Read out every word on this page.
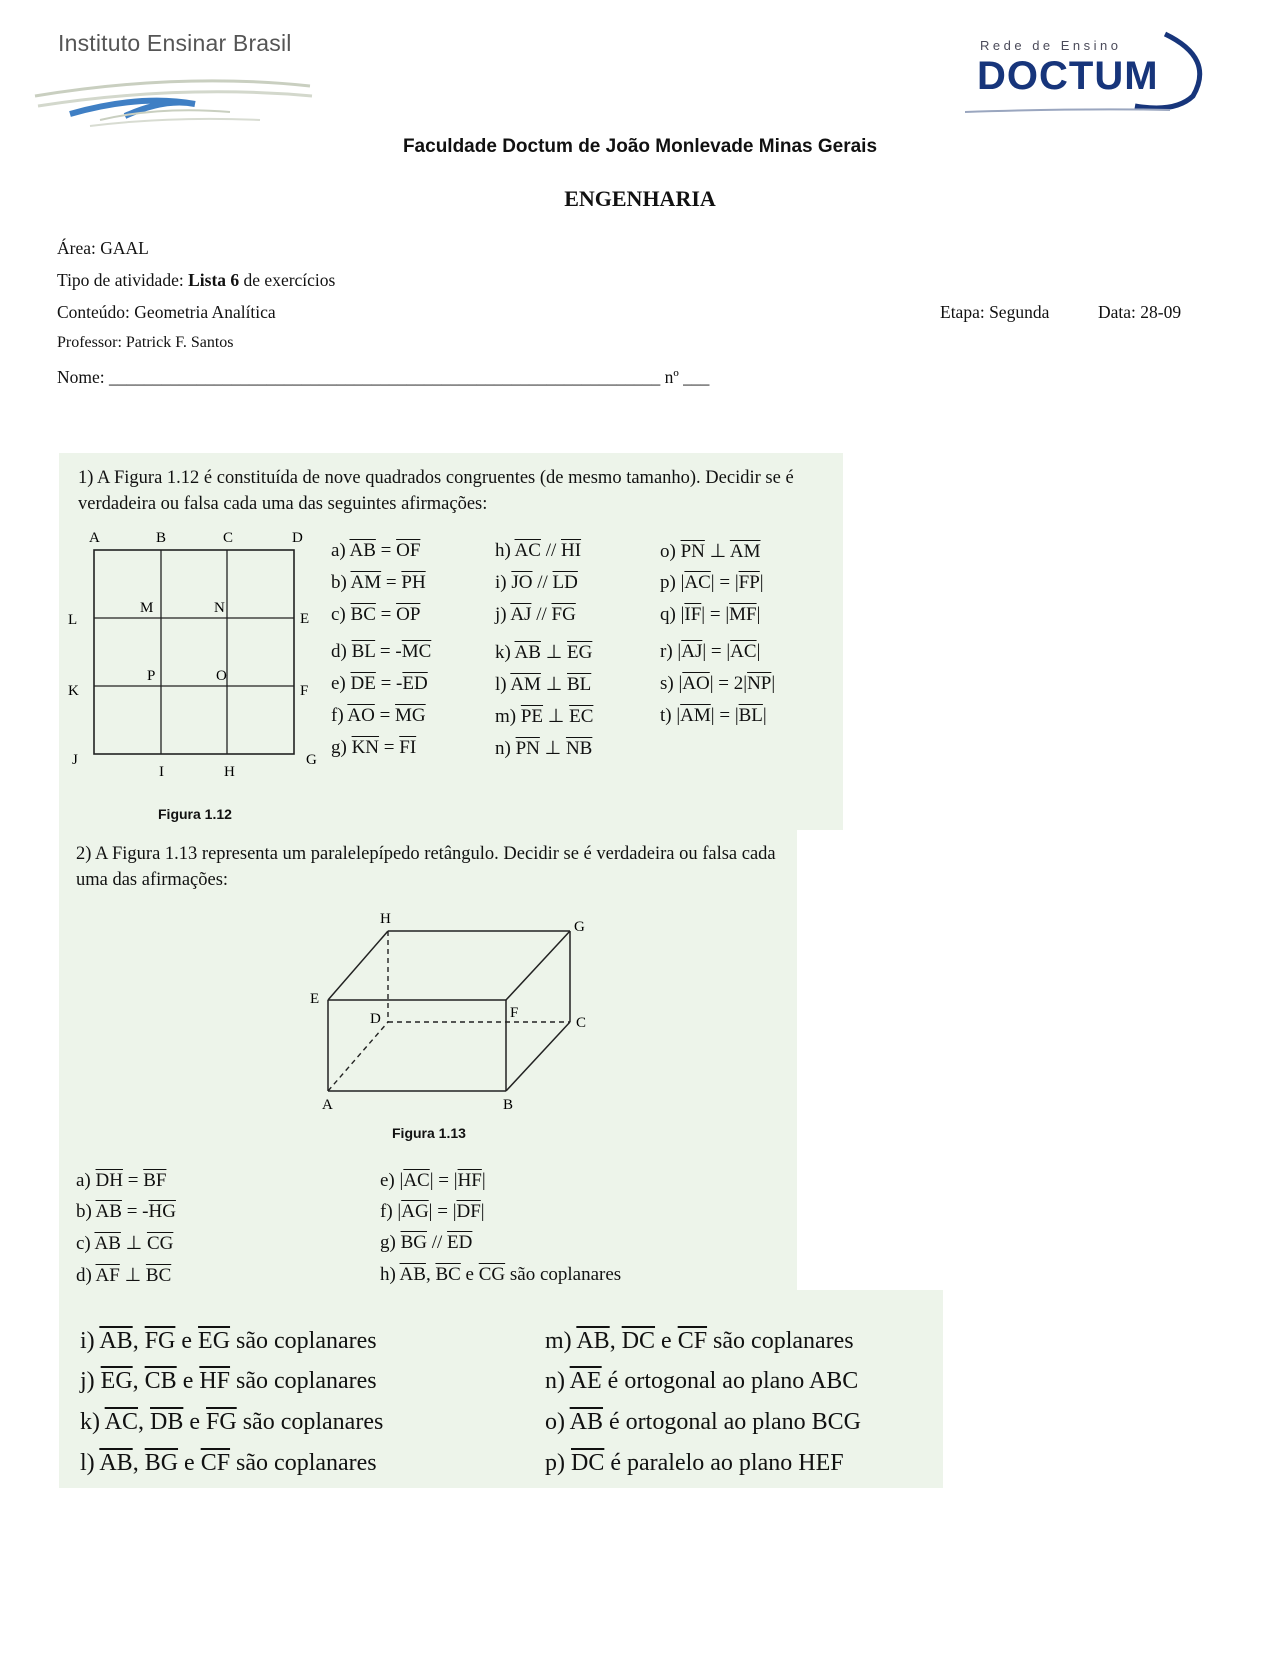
Instituto Ensinar Brasil	Rede de Ensino
DOCTUM
Faculdade Doctum de João Monlevade Minas Gerais
ENGENHARIA
Área: GAAL
Tipo de atividade: Lista 6 de exercícios
Conteúdo: Geometria Analítica	Etapa: Segunda	Data: 28-09
Professor: Patrick F. Santos
Nome: _______________________________________________________________ nº ___
1) A Figura 1.12 é constituída de nove quadrados congruentes (de mesmo tamanho). Decidir se é verdadeira ou falsa cada uma das seguintes afirmações:
A	B	C	D
E
F
G
H
I
J
K
L
M	N
O
P
Figura 1.12
a) $\overline{AB} = \overline{OF}$
b) $\overline{AM} = \overline{PH}$
c) $\overline{BC} = \overline{OP}$
d) $\overline{BL} = -\overline{MC}$
e) $\overline{DE} = -\overline{ED}$
f) $\overline{AO} = \overline{MG}$
g) $\overline{KN} = \overline{FI}$
h) $\overline{AC} // \overline{HI}$
i) $\overline{JO} // \overline{LD}$
j) $\overline{AJ} // \overline{FG}$
k) $\overline{AB}$ ⊥ $\overline{EG}$
l) $\overline{AM}$ ⊥ $\overline{BL}$
m) $\overline{PE}$ ⊥ $\overline{EC}$
n) $\overline{PN}$ ⊥ $\overline{NB}$
o) $\overline{PN}$ ⊥ $\overline{AM}$
p) $|\overline{AC}| = |\overline{FP}|$
q) $|\overline{IF}| = |\overline{MF}|$
r) $|\overline{AJ}| = |\overline{AC}|$
s) $|\overline{AO}| = 2|\overline{NP}|$
t) $|\overline{AM}| = |\overline{BL}|$
2) A Figura 1.13 representa um paralelepípedo retângulo. Decidir se é verdadeira ou falsa cada uma das afirmações:
H	G
E
F
D	C
A	B
Figura 1.13
a) $\overline{DH} = \overline{BF}$
b) $\overline{AB} = -\overline{HG}$
c) $\overline{AB}$ ⊥ $\overline{CG}$
d) $\overline{AF}$ ⊥ $\overline{BC}$
e) $|\overline{AC}| = |\overline{HF}|$
f) $|\overline{AG}| = |\overline{DF}|$
g) $\overline{BG} // \overline{ED}$
h) $\overline{AB}$, $\overline{BC}$ e $\overline{CG}$ são coplanares
i) $\overline{AB}$, $\overline{FG}$ e $\overline{EG}$ são coplanares
j) $\overline{EG}$, $\overline{CB}$ e $\overline{HF}$ são coplanares
k) $\overline{AC}$, $\overline{DB}$ e $\overline{FG}$ são coplanares
l) $\overline{AB}$, $\overline{BG}$ e $\overline{CF}$ são coplanares
m) $\overline{AB}$, $\overline{DC}$ e $\overline{CF}$ são coplanares
n) $\overline{AE}$ é ortogonal ao plano ABC
o) $\overline{AB}$ é ortogonal ao plano BCG
p) $\overline{DC}$ é paralelo ao plano HEF
